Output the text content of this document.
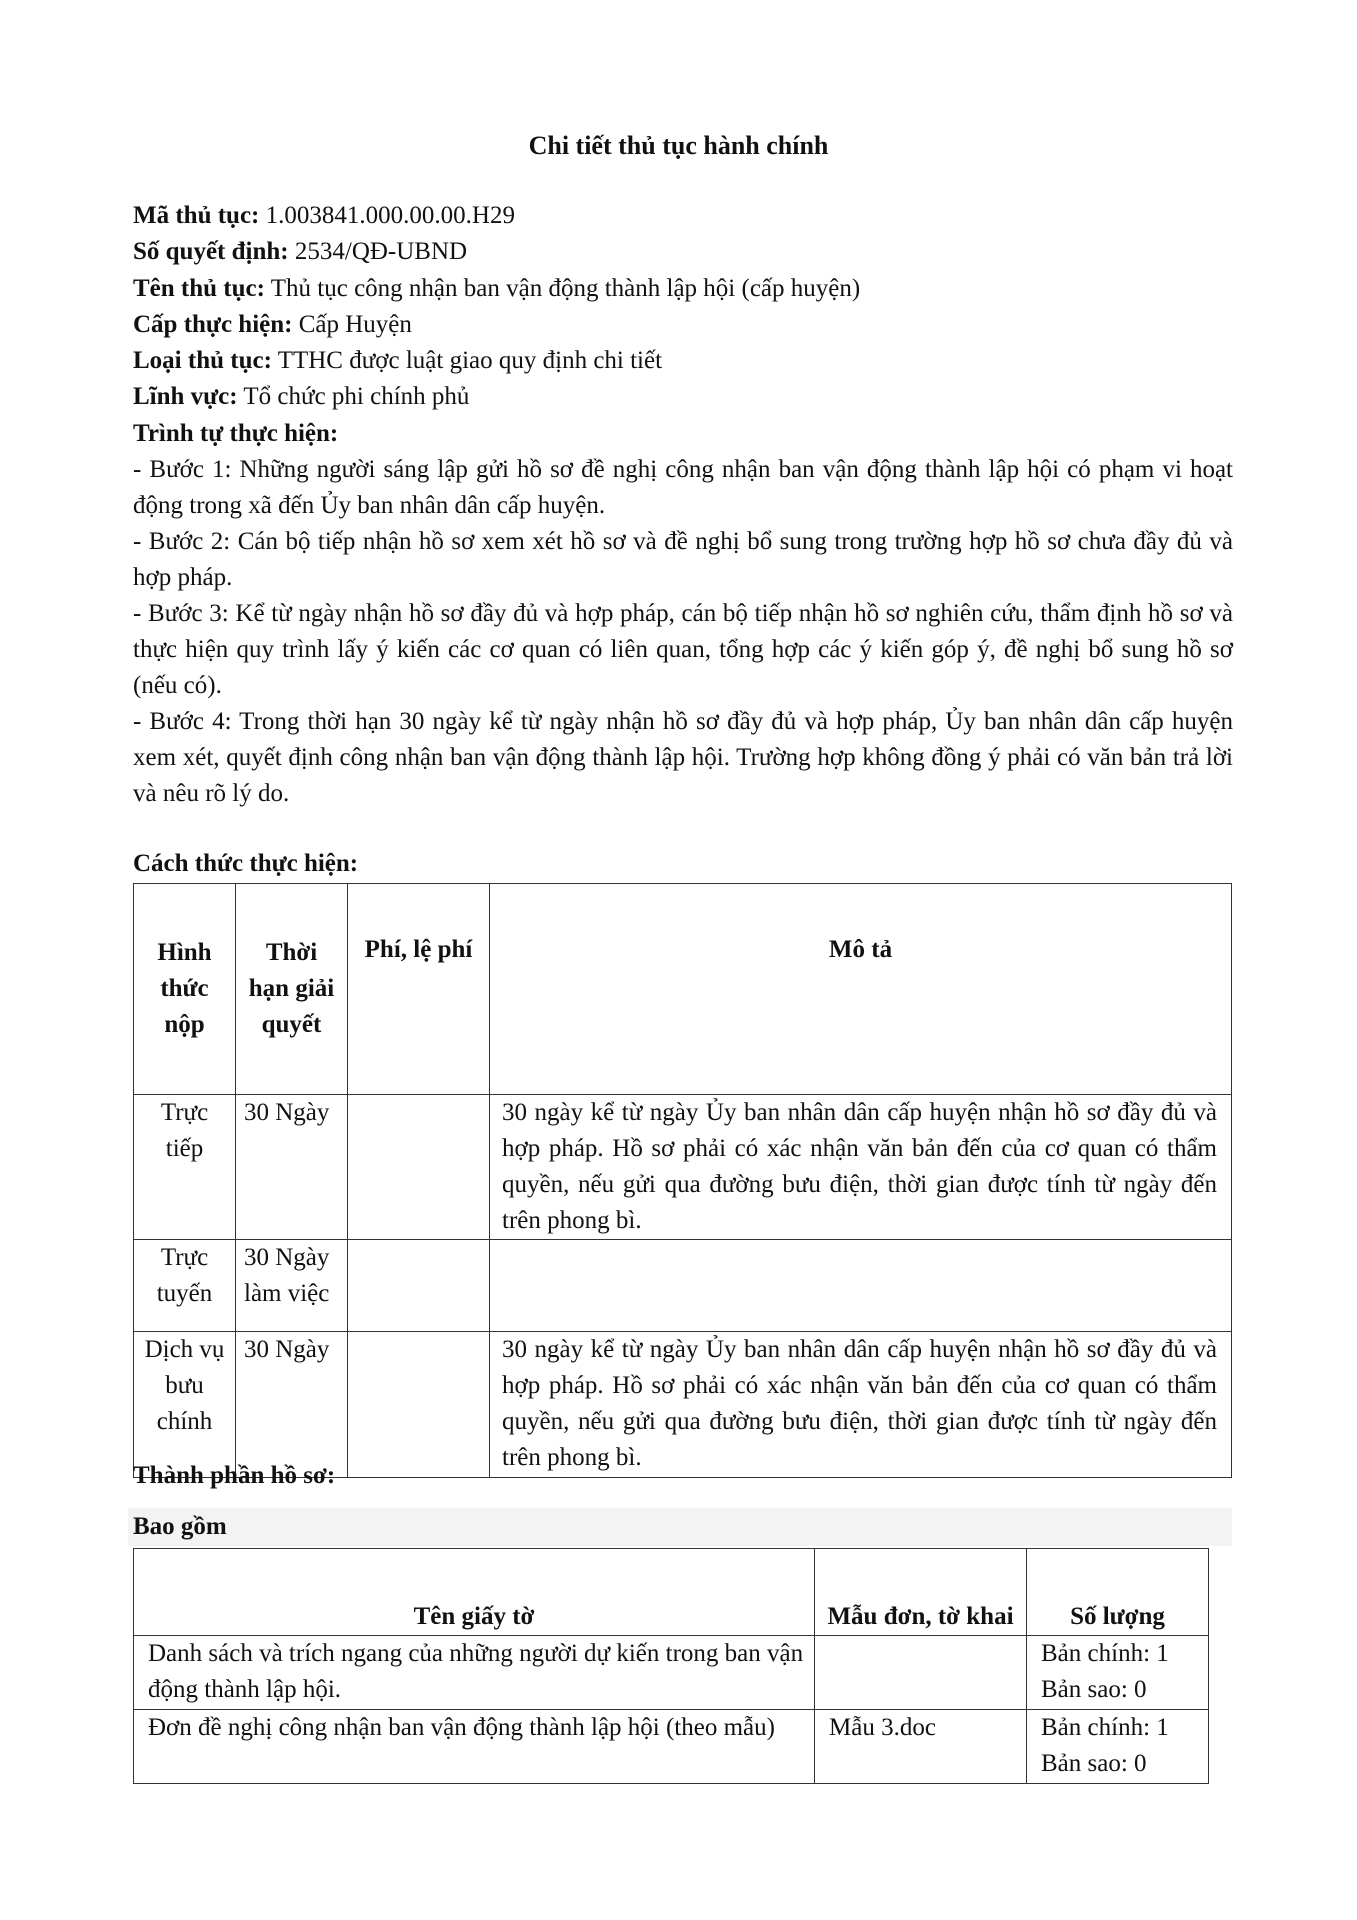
Chi tiết thủ tục hành chính
Mã thủ tục: 1.003841.000.00.00.H29
Số quyết định: 2534/QĐ-UBND
Tên thủ tục: Thủ tục công nhận ban vận động thành lập hội (cấp huyện)
Cấp thực hiện: Cấp Huyện
Loại thủ tục: TTHC được luật giao quy định chi tiết
Lĩnh vực: Tổ chức phi chính phủ
Trình tự thực hiện:

- Bước 1: Những người sáng lập gửi hồ sơ đề nghị công nhận ban vận động thành lập hội có phạm vi hoạt động trong xã đến Ủy ban nhân dân cấp huyện.

- Bước 2: Cán bộ tiếp nhận hồ sơ xem xét hồ sơ và đề nghị bổ sung trong trường hợp hồ sơ chưa đầy đủ và hợp pháp.

- Bước 3: Kể từ ngày nhận hồ sơ đầy đủ và hợp pháp, cán bộ tiếp nhận hồ sơ nghiên cứu, thẩm định hồ sơ và thực hiện quy trình lấy ý kiến các cơ quan có liên quan, tổng hợp các ý kiến góp ý, đề nghị bổ sung hồ sơ (nếu có).

- Bước 4: Trong thời hạn 30 ngày kể từ ngày nhận hồ sơ đầy đủ và hợp pháp, Ủy ban nhân dân cấp huyện xem xét, quyết định công nhận ban vận động thành lập hội. Trường hợp không đồng ý phải có văn bản trả lời và nêu rõ lý do.

Cách thức thực hiện:
Hình thức nộp	Thời hạn giải quyết	Phí, lệ phí	Mô tả
Trực tiếp	30 Ngày		30 ngày kể từ ngày Ủy ban nhân dân cấp huyện nhận hồ sơ đầy đủ và hợp pháp. Hồ sơ phải có xác nhận văn bản đến của cơ quan có thẩm quyền, nếu gửi qua đường bưu điện, thời gian được tính từ ngày đến trên phong bì.
Trực tuyến	30 Ngày làm việc		
Dịch vụ bưu chính	30 Ngày		30 ngày kể từ ngày Ủy ban nhân dân cấp huyện nhận hồ sơ đầy đủ và hợp pháp. Hồ sơ phải có xác nhận văn bản đến của cơ quan có thẩm quyền, nếu gửi qua đường bưu điện, thời gian được tính từ ngày đến trên phong bì.
Thành phần hồ sơ:
Bao gồm
Tên giấy tờ	Mẫu đơn, tờ khai	Số lượng
Danh sách và trích ngang của những người dự kiến trong ban vận động thành lập hội.		Bản chính: 1
Bản sao: 0

Đơn đề nghị công nhận ban vận động thành lập hội (theo mẫu)	Mẫu 3.doc	Bản chính: 1
Bản sao: 0
